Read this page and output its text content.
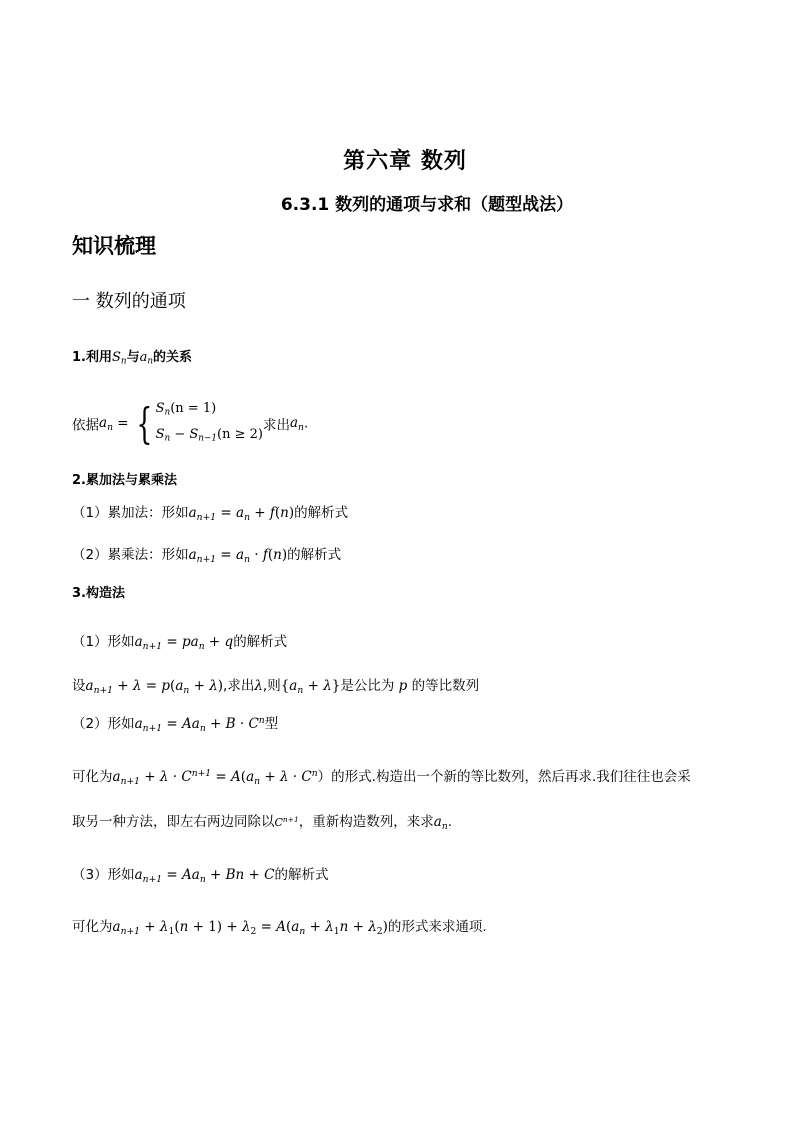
第六章 数列
6.3.1 数列的通项与求和（题型战法）
知识梳理
一 数列的通项
1.利用$S_n$与$a_n$的关系
依据$a_n$ = { $S_n(n = 1)$
$S_n - S_{n-1}(n \ge 2)$求出$a_n$.
2.累加法与累乘法
（1）累加法：形如$a_{n+1} = a_n + f(n)$的解析式
（2）累乘法：形如$a_{n+1} = a_n \cdot f(n)$的解析式
3.构造法
（1）形如$a_{n+1} = pa_n + q$的解析式
设$a_{n+1} + \lambda = p(a_n + \lambda)$,求出λ,则$\{a_n + \lambda\}$是公比为 p 的等比数列
（2）形如$a_{n+1} = Aa_n + B \cdot C^n$型
可化为$a_{n+1} + \lambda \cdot C^{n+1} = A(a_n + \lambda \cdot C^n)$的形式.构造出一个新的等比数列，然后再求.我们往往也会采
取另一种方法，即左右两边同除以$C^{n+1}$，重新构造数列，来求$a_n$.
（3）形如$a_{n+1} = Aa_n + Bn + C$的解析式
可化为$a_{n+1} + \lambda_1(n + 1) + \lambda_2 = A(a_n + \lambda_1n + \lambda_2)$的形式来求通项.
